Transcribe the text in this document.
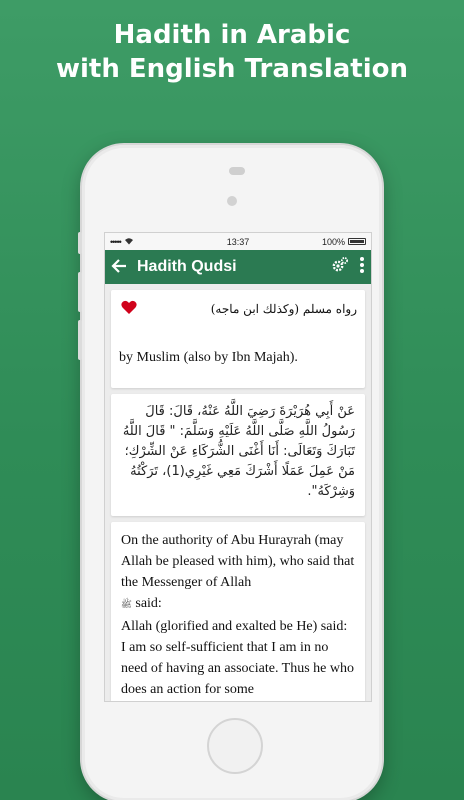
Hadith in Arabic
with English Translation
•••••	13:37	100%
Hadith Qudsi
رواه مسلم (وكذلك ابن ماجه)
by Muslim (also by Ibn Majah).
عَنْ أَبِي هُرَيْرَةَ رَضِيَ اللَّهُ عَنْهُ، قَالَ: قَالَ رَسُولُ اللَّهِ صَلَّى اللَّهُ عَلَيْهِ وَسَلَّمَ: " قَالَ اللَّهُ تَبَارَكَ وَتَعَالَى: أَنَا أَغْنَى الشُّرَكَاءِ عَنْ الشِّرْكِ؛ مَنْ عَمِلَ عَمَلًا أَشْرَكَ مَعِي غَيْرِي(1)، تَرَكْتُهُ وَشِرْكَهُ".
On the authority of Abu Hurayrah (may Allah be pleased with him), who said that the Messenger of Allah
ﷺ said:
Allah (glorified and exalted be He) said: I am so self-sufficient that I am in no need of having an associate. Thus he who does an action for some
